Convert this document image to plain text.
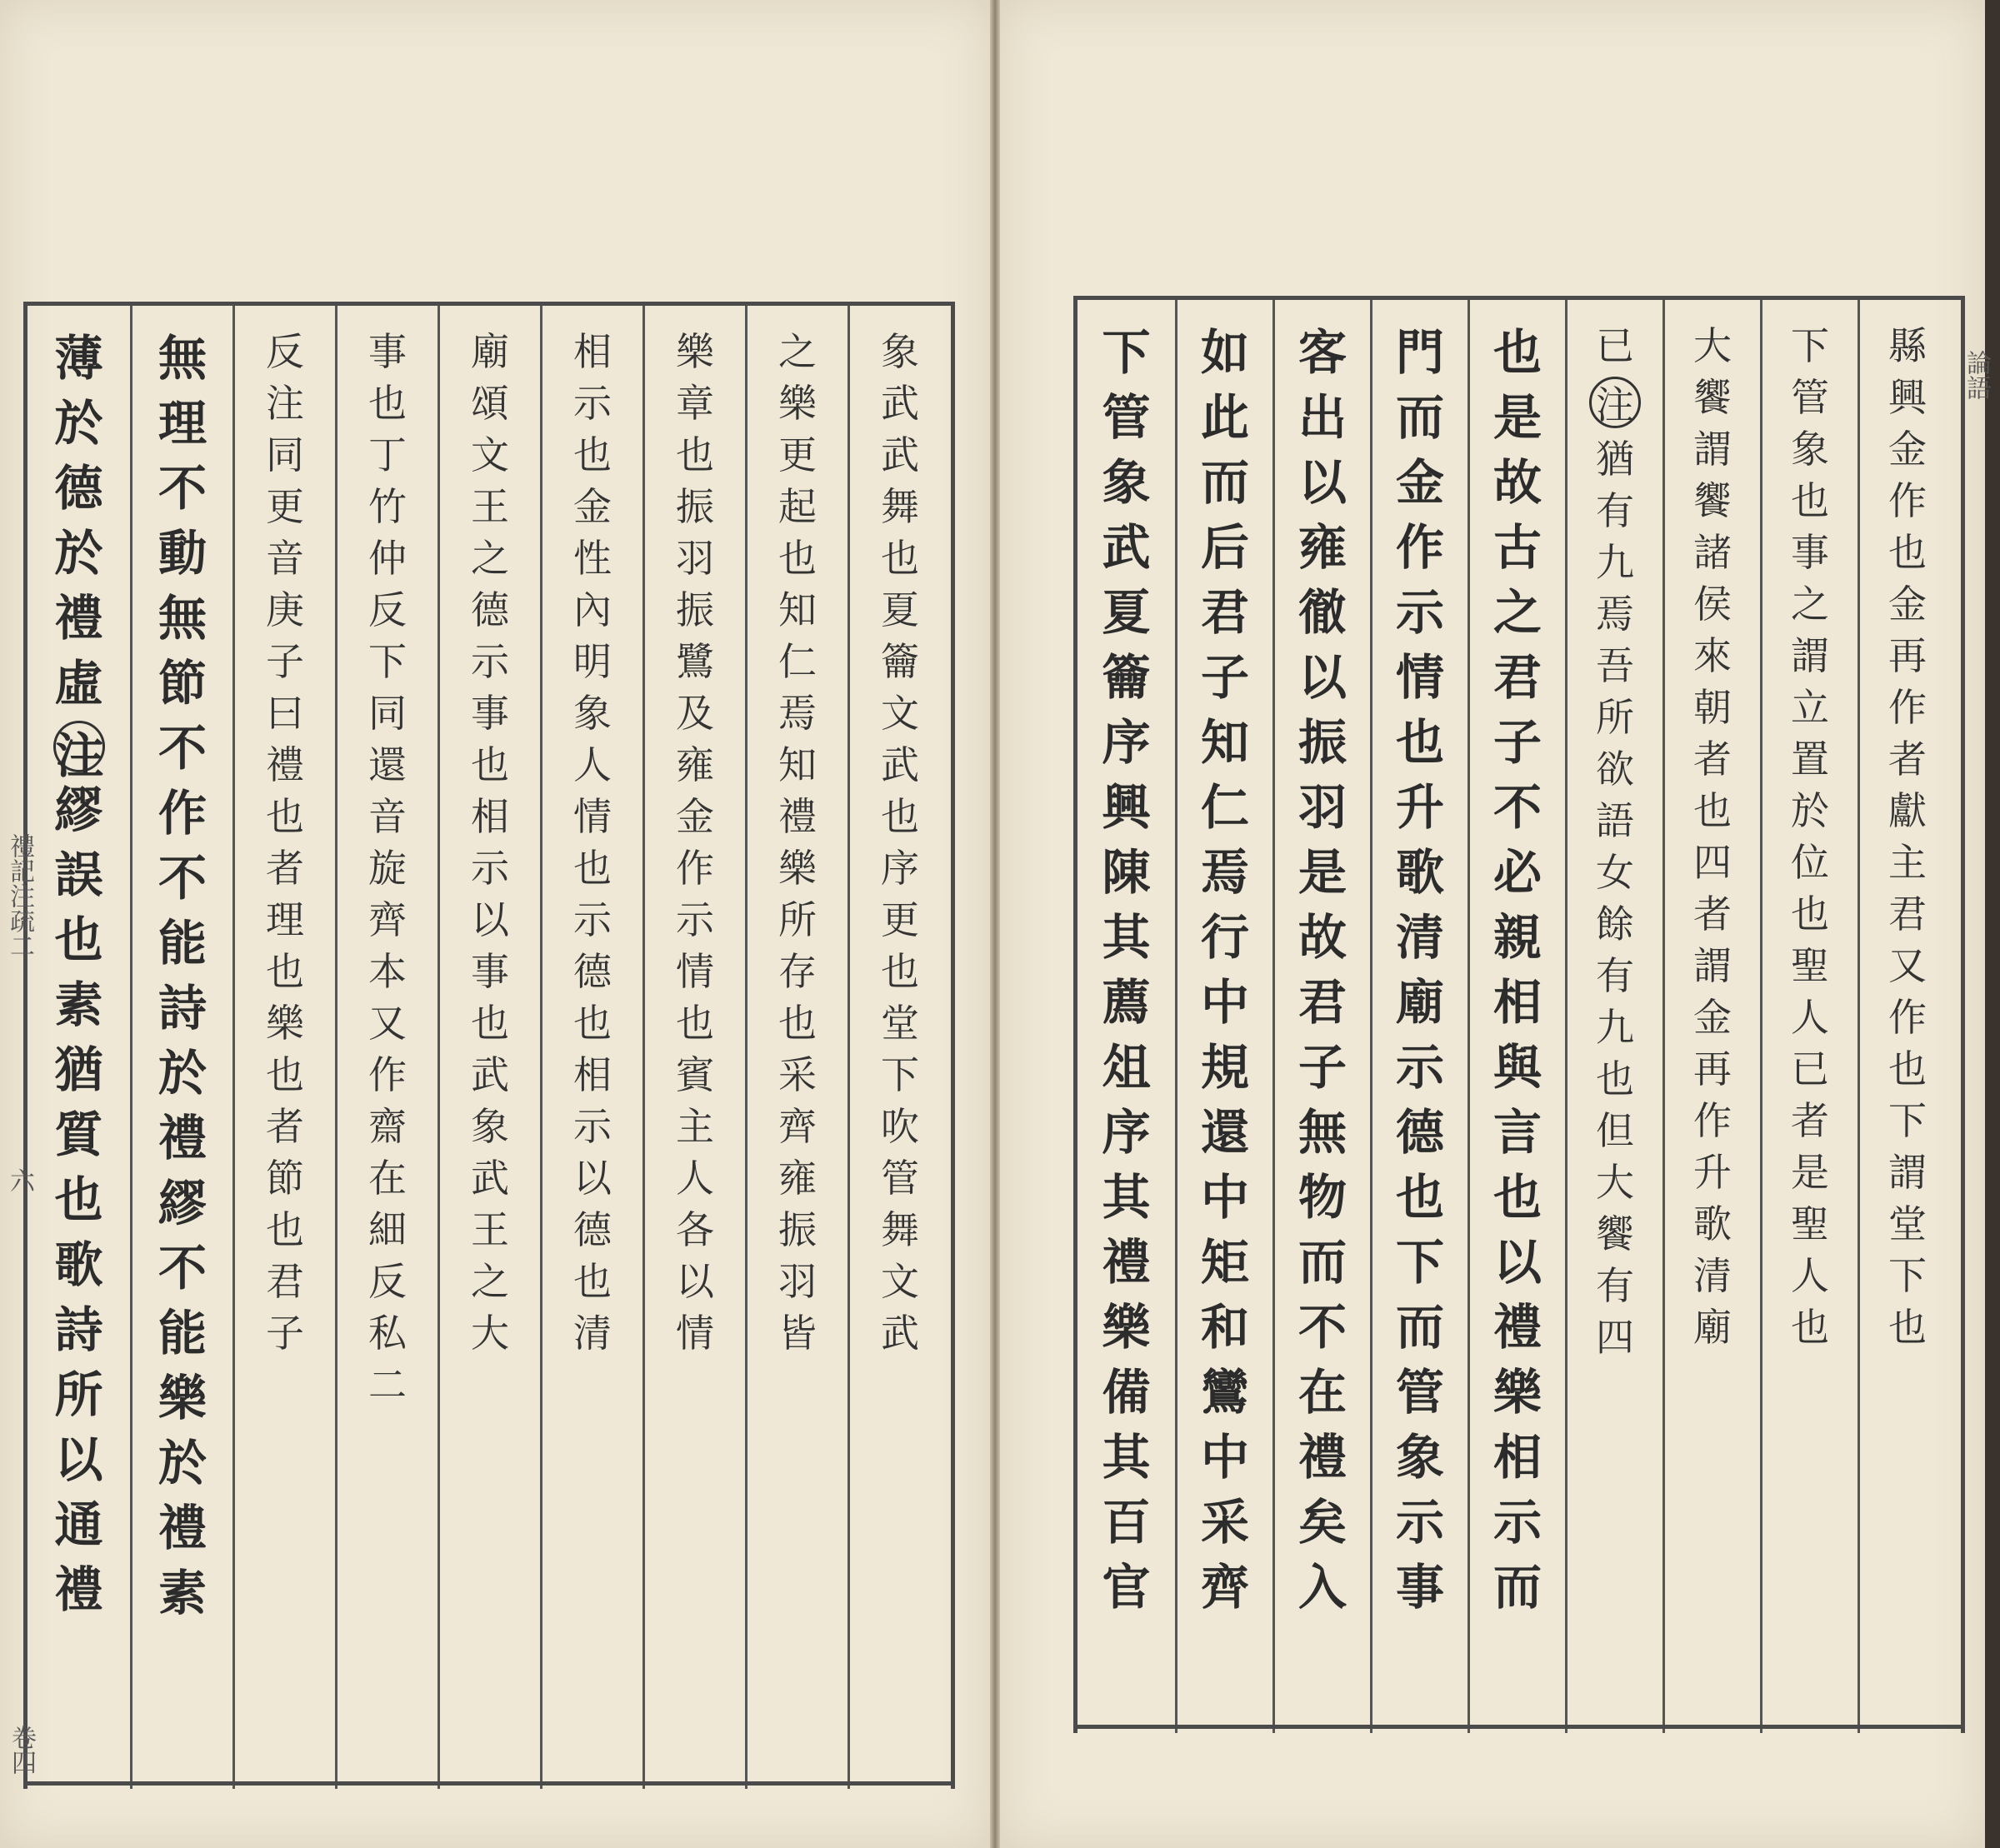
薄
於
德
於
禮
虛
注
繆
誤
也
素
猶
質
也
歌
詩
所
以
通
禮
無
理
不
動
無
節
不
作
不
能
詩
於
禮
繆
不
能
樂
於
禮
素
反
注
同
更
音
庚
子
曰
禮
也
者
理
也
樂
也
者
節
也
君
子
事
也
丁
竹
仲
反
下
同
還
音
旋
齊
本
又
作
齋
在
細
反
私
二
廟
頌
文
王
之
德
示
事
也
相
示
以
事
也
武
象
武
王
之
大
相
示
也
金
性
內
明
象
人
情
也
示
德
也
相
示
以
德
也
清
樂
章
也
振
羽
振
鷺
及
雍
金
作
示
情
也
賓
主
人
各
以
情
之
樂
更
起
也
知
仁
焉
知
禮
樂
所
存
也
采
齊
雍
振
羽
皆
象
武
武
舞
也
夏
籥
文
武
也
序
更
也
堂
下
吹
管
舞
文
武
下
管
象
武
夏
籥
序
興
陳
其
薦
俎
序
其
禮
樂
備
其
百
官
如
此
而
后
君
子
知
仁
焉
行
中
規
還
中
矩
和
鸞
中
采
齊
客
出
以
雍
徹
以
振
羽
是
故
君
子
無
物
而
不
在
禮
矣
入
門
而
金
作
示
情
也
升
歌
清
廟
示
德
也
下
而
管
象
示
事
也
是
故
古
之
君
子
不
必
親
相
與
言
也
以
禮
樂
相
示
而
已
注
猶
有
九
焉
吾
所
欲
語
女
餘
有
九
也
但
大
饗
有
四
大
饗
謂
饗
諸
侯
來
朝
者
也
四
者
謂
金
再
作
升
歌
清
廟
下
管
象
也
事
之
謂
立
置
於
位
也
聖
人
已
者
是
聖
人
也
縣
興
金
作
也
金
再
作
者
獻
主
君
又
作
也
下
謂
堂
下
也
禮記注疏二
卷四
六
論語
